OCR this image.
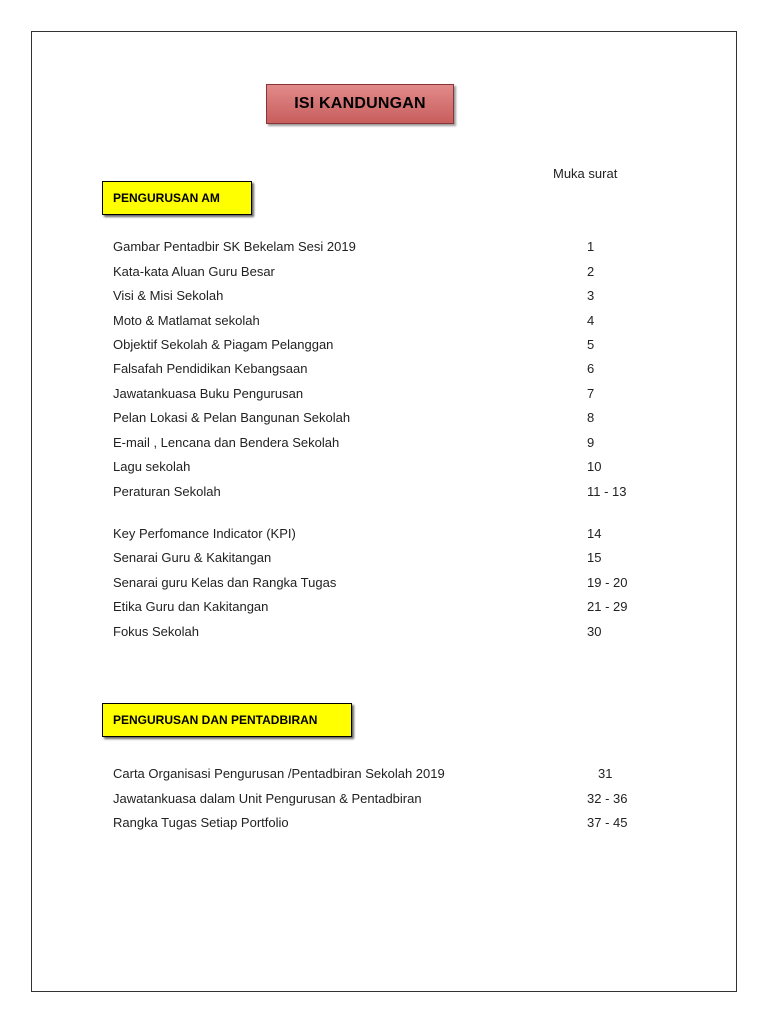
ISI KANDUNGAN
Muka surat
PENGURUSAN AM
Gambar Pentadbir SK Bekelam Sesi 2019	1
Kata-kata Aluan Guru Besar	2
Visi & Misi Sekolah	3
Moto & Matlamat sekolah	4
Objektif Sekolah & Piagam Pelanggan	5
Falsafah Pendidikan Kebangsaan	6
Jawatankuasa Buku Pengurusan	7
Pelan Lokasi & Pelan Bangunan Sekolah	8
E-mail , Lencana dan Bendera Sekolah	9
Lagu sekolah	10
Peraturan Sekolah	11 - 13
Key Perfomance Indicator (KPI)	14
Senarai Guru & Kakitangan	15
Senarai guru Kelas dan Rangka Tugas	19 - 20
Etika Guru dan Kakitangan	21 - 29
Fokus Sekolah	30
PENGURUSAN DAN PENTADBIRAN
Carta Organisasi Pengurusan /Pentadbiran Sekolah 2019	31
Jawatankuasa dalam Unit Pengurusan & Pentadbiran	32 - 36
Rangka Tugas Setiap Portfolio	37 - 45
